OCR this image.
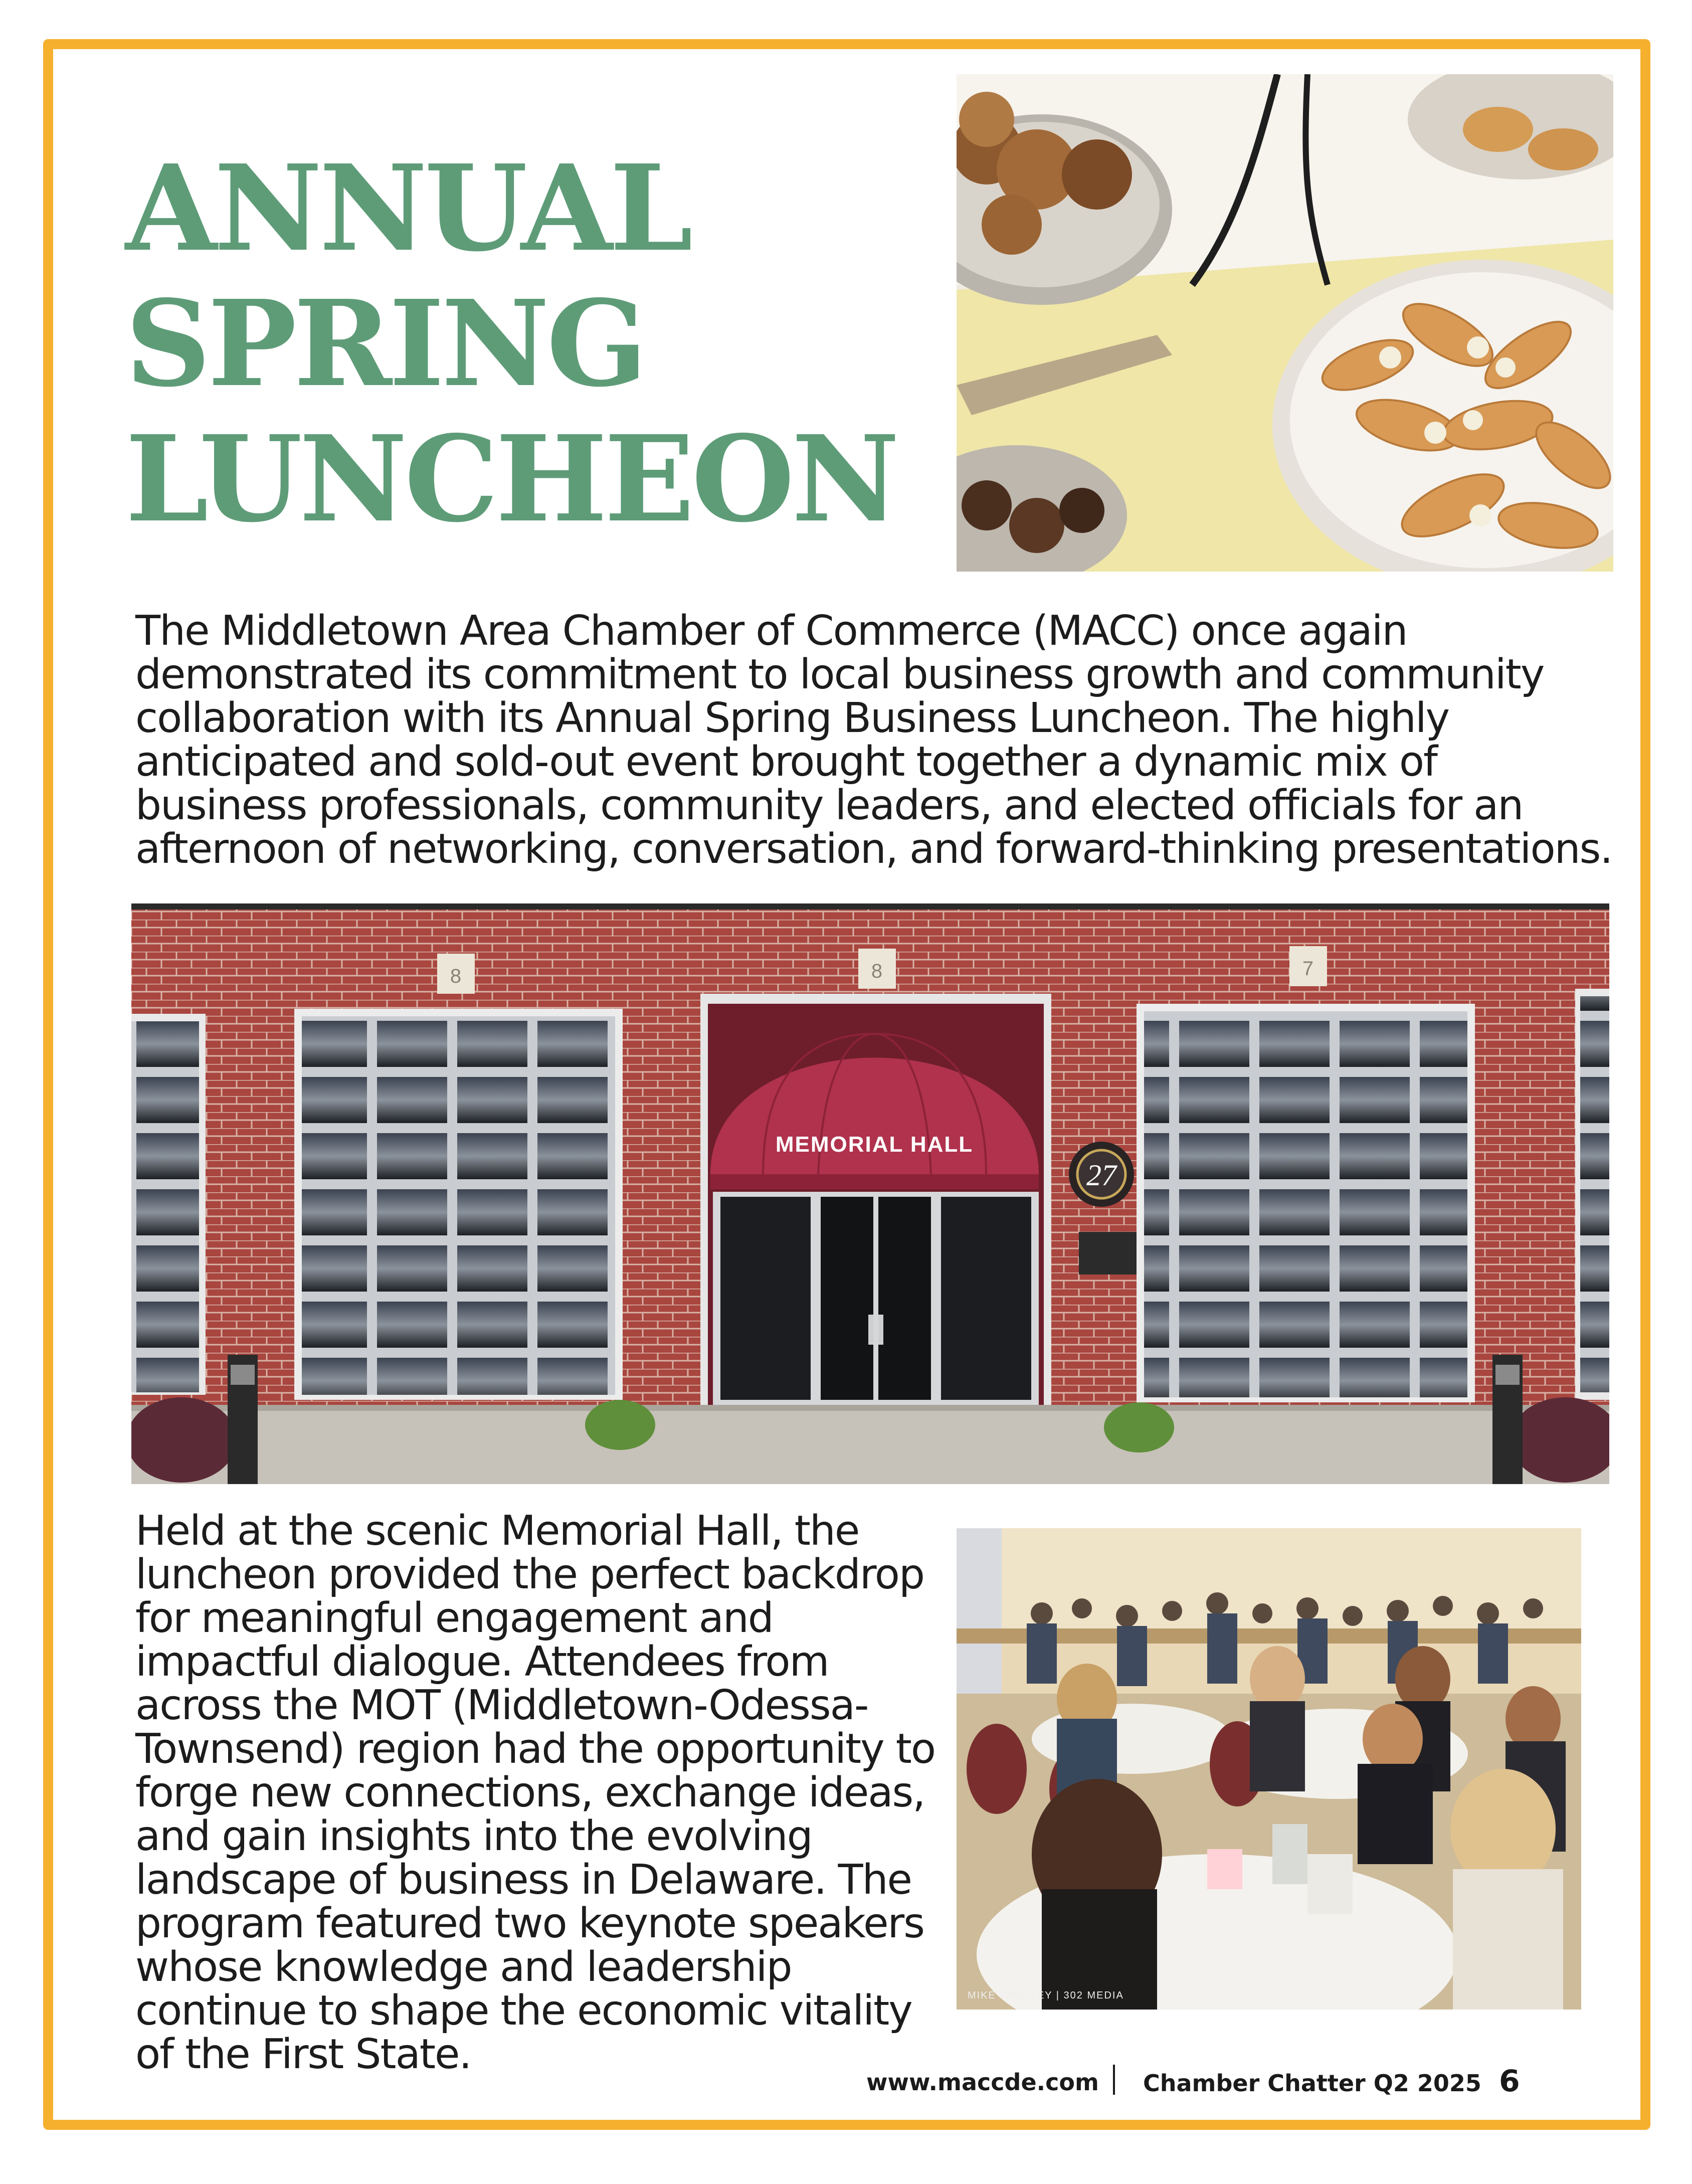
ANNUAL
SPRING
LUNCHEON

The Middletown Area Chamber of Commerce (MACC) once again demonstrated its commitment to local business growth and community collaboration with its Annual Spring Business Luncheon. The highly anticipated and sold-out event brought together a dynamic mix of business professionals, community leaders, and elected officials for an afternoon of networking, conversation, and forward-thinking presentations.

MEMORIAL HALL
27
8	8	7

Held at the scenic Memorial Hall, the luncheon provided the perfect backdrop for meaningful engagement and impactful dialogue. Attendees from across the MOT (Middletown-Odessa-Townsend) region had the opportunity to forge new connections, exchange ideas, and gain insights into the evolving landscape of business in Delaware. The program featured two keynote speakers whose knowledge and leadership continue to shape the economic vitality of the First State.

MIKE WINDLEY | 302 MEDIA
www.maccde.com Chamber Chatter Q2 2025 6
